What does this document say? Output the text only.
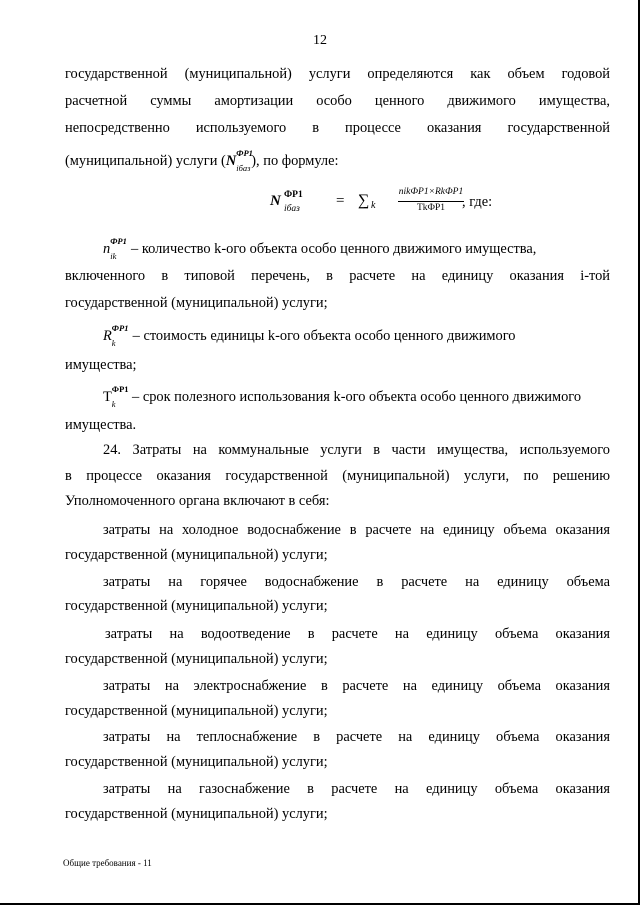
12
государственной (муниципальной) услуги определяются как объем годовой
расчетной суммы амортизации особо ценного движимого имущества,
непосредственно используемого в процессе оказания государственной
(муниципальной) услуги (N ФР1
iбаз ), по формуле:
N ФР1
iбаз = ∑ k
nikФР1×RkФР1
ТkФР1	, где:
n ФР1
ik – количество k-ого объекта особо ценного движимого имущества,
включенного в типовой перечень, в расчете на единицу оказания i-той
государственной (муниципальной) услуги;
R ФР1
k – стоимость единицы k-ого объекта особо ценного движимого
имущества;
Т ФР1
k – срок полезного использования k-ого объекта особо ценного движимого
имущества.
24. Затраты на коммунальные услуги в части имущества, используемого
в процессе оказания государственной (муниципальной) услуги, по решению
Уполномоченного органа включают в себя:
затраты на холодное водоснабжение в расчете на единицу объема оказания
государственной (муниципальной) услуги;
затраты на горячее водоснабжение в расчете на единицу объема
государственной (муниципальной) услуги;
затраты на водоотведение в расчете на единицу объема оказания
государственной (муниципальной) услуги;
затраты на электроснабжение в расчете на единицу объема оказания
государственной (муниципальной) услуги;
затраты на теплоснабжение в расчете на единицу объема оказания
государственной (муниципальной) услуги;
затраты на газоснабжение в расчете на единицу объема оказания
государственной (муниципальной) услуги;
Общие требования - 11
